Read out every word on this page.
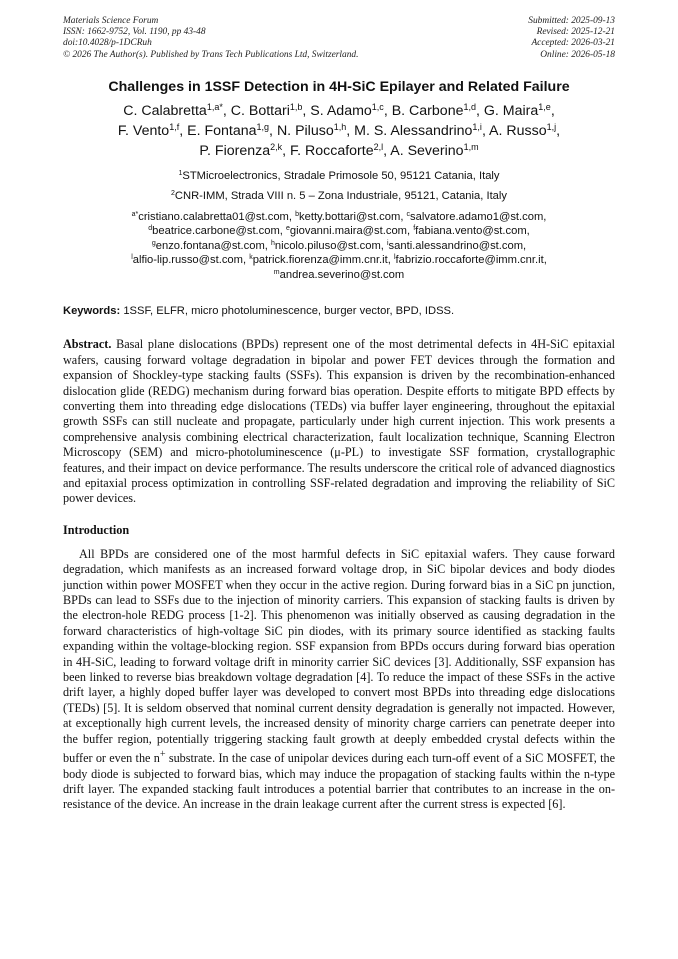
Materials Science Forum
ISSN: 1662-9752, Vol. 1190, pp 43-48
doi:10.4028/p-1DCRuh
© 2026 The Author(s). Published by Trans Tech Publications Ltd, Switzerland.
Submitted: 2025-09-13
Revised: 2025-12-21
Accepted: 2026-03-21
Online: 2026-05-18
Challenges in 1SSF Detection in 4H-SiC Epilayer and Related Failure
C. Calabretta$^{1,a*}$, C. Bottari$^{1,b}$, S. Adamo$^{1,c}$, B. Carbone$^{1,d}$, G. Maira$^{1,e}$,
F. Vento$^{1,f}$, E. Fontana$^{1,g}$, N. Piluso$^{1,h}$, M. S. Alessandrino$^{1,i}$, A. Russo$^{1,j}$,
P. Fiorenza$^{2,k}$, F. Roccaforte$^{2,l}$, A. Severino$^{1,m}$
$^1$STMicroelectronics, Stradale Primosole 50, 95121 Catania, Italy
$^2$CNR-IMM, Strada VIII n. 5 – Zona Industriale, 95121, Catania, Italy
$^{a*}$cristiano.calabretta01@st.com, $^b$ketty.bottari@st.com, $^c$salvatore.adamo1@st.com,
$^d$beatrice.carbone@st.com, $^e$giovanni.maira@st.com, $^f$fabiana.vento@st.com,
$^g$enzo.fontana@st.com, $^h$nicolo.piluso@st.com, $^i$santi.alessandrino@st.com,
$^l$alfio-lip.russo@st.com, $^k$patrick.fiorenza@imm.cnr.it, $^l$fabrizio.roccaforte@imm.cnr.it,
$^m$andrea.severino@st.com
Keywords: 1SSF, ELFR, micro photoluminescence, burger vector, BPD, IDSS.
Abstract. Basal plane dislocations (BPDs) represent one of the most detrimental defects in 4H-SiC epitaxial wafers, causing forward voltage degradation in bipolar and power FET devices through the formation and expansion of Shockley-type stacking faults (SSFs). This expansion is driven by the recombination-enhanced dislocation glide (REDG) mechanism during forward bias operation. Despite efforts to mitigate BPD effects by converting them into threading edge dislocations (TEDs) via buffer layer engineering, throughout the epitaxial growth SSFs can still nucleate and propagate, particularly under high current injection. This work presents a comprehensive analysis combining electrical characterization, fault localization technique, Scanning Electron Microscopy (SEM) and micro-photoluminescence (μ-PL) to investigate SSF formation, crystallographic features, and their impact on device performance. The results underscore the critical role of advanced diagnostics and epitaxial process optimization in controlling SSF-related degradation and improving the reliability of SiC power devices.
Introduction
All BPDs are considered one of the most harmful defects in SiC epitaxial wafers. They cause forward degradation, which manifests as an increased forward voltage drop, in SiC bipolar devices and body diodes junction within power MOSFET when they occur in the active region. During forward bias in a SiC pn junction, BPDs can lead to SSFs due to the injection of minority carriers. This expansion of stacking faults is driven by the electron-hole REDG process [1-2]. This phenomenon was initially observed as causing degradation in the forward characteristics of high-voltage SiC pin diodes, with its primary source identified as stacking faults expanding within the voltage-blocking region. SSF expansion from BPDs occurs during forward bias operation in 4H-SiC, leading to forward voltage drift in minority carrier SiC devices [3]. Additionally, SSF expansion has been linked to reverse bias breakdown voltage degradation [4]. To reduce the impact of these SSFs in the active drift layer, a highly doped buffer layer was developed to convert most BPDs into threading edge dislocations (TEDs) [5]. It is seldom observed that nominal current density degradation is generally not impacted. However, at exceptionally high current levels, the increased density of minority charge carriers can penetrate deeper into the buffer region, potentially triggering stacking fault growth at deeply embedded crystal defects within the buffer or even the n+ substrate. In the case of unipolar devices during each turn-off event of a SiC MOSFET, the body diode is subjected to forward bias, which may induce the propagation of stacking faults within the n-type drift layer. The expanded stacking fault introduces a potential barrier that contributes to an increase in the on-resistance of the device. An increase in the drain leakage current after the current stress is expected [6].
